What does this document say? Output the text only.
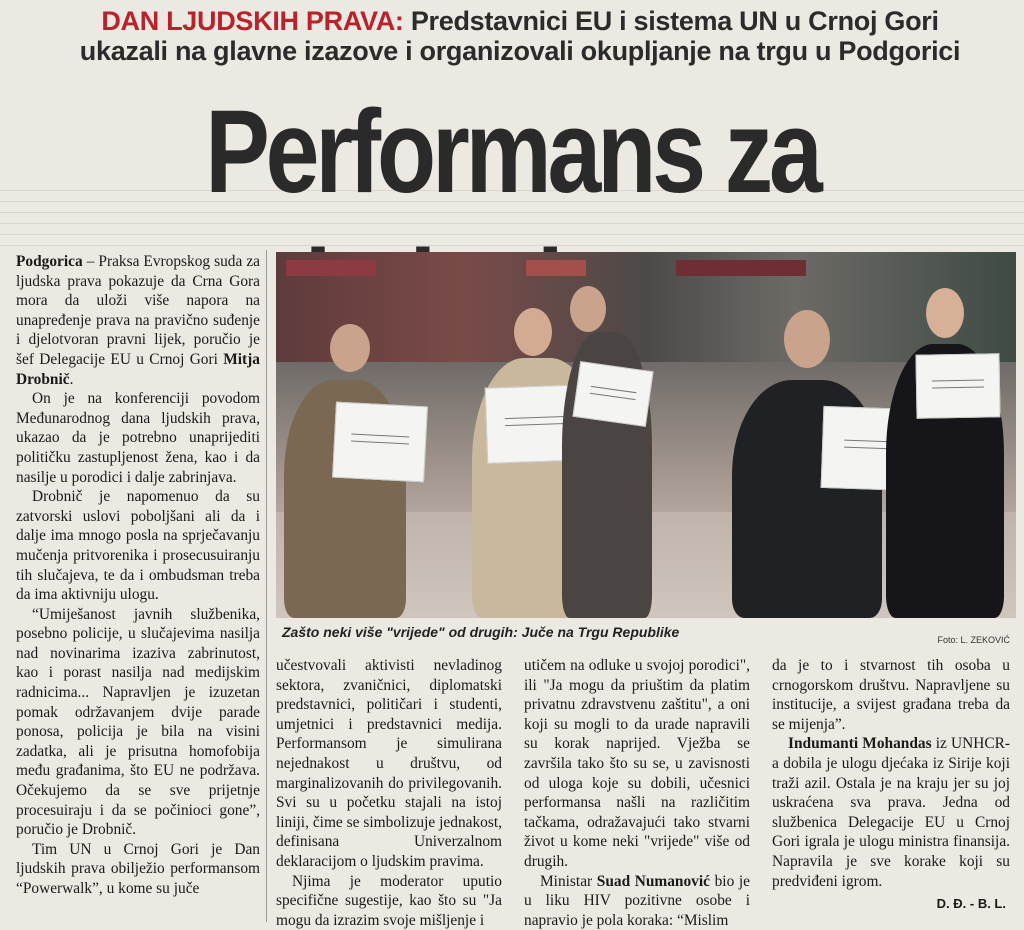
DAN LJUDSKIH PRAVA: Predstavnici EU i sistema UN u Crnoj Gori
ukazali na glavne izazove i organizovali okupljanje na trgu u Podgorici
Performans za

Podgorica – Praksa Evropskog suda za ljudska prava pokazuje da Crna Gora mora da uloži više napora na unapređenje prava na pravično suđenje i djelotvoran pravni lijek, poručio je šef Delegacije EU u Crnoj Gori Mitja Drobnič.

On je na konferenciji povodom Međunarodnog dana ljudskih prava, ukazao da je potrebno unaprijediti političku zastupljenost žena, kao i da nasilje u porodici i dalje zabrinjava.

Drobnič je napomenuo da su zatvorski uslovi poboljšani ali da i dalje ima mnogo posla na sprječavanju mučenja pritvorenika i prosecusuiranju tih slučajeva, te da i ombudsman treba da ima aktivniju ulogu.

“Umiješanost javnih službenika, posebno policije, u slučajevima nasilja nad novinarima izaziva zabrinutost, kao i porast nasilja nad medijskim radnicima... Napravljen je izuzetan pomak održavanjem dvije parade ponosa, policija je bila na visini zadatka, ali je prisutna homofobija među građanima, što EU ne podržava. Očekujemo da se sve prijetnje procesuiraju i da se počinioci gone”, poručio je Drobnič.

Tim UN u Crnoj Gori je Dan ljudskih prava obilježio performansom “Powerwalk”, u kome su juče

Zašto neki više "vrijede" od drugih: Juče na Trgu Republike	Foto: L. ZEKOVIĆ

učestvovali aktivisti nevladinog sektora, zvaničnici, diplomatski predstavnici, političari i studenti, umjetnici i predstavnici medija. Performansom je simulirana nejednakost u društvu, od marginalizovanih do privilegovanih. Svi su u početku stajali na istoj liniji, čime se simbolizuje jednakost, definisana Univerzalnom deklaracijom o ljudskim pravima.

Njima je moderator uputio specifične sugestije, kao što su "Ja mogu da izrazim svoje mišljenje i

utičem na odluke u svojoj porodici", ili "Ja mogu da priuštim da platim privatnu zdravstvenu zaštitu", a oni koji su mogli to da urade napravili su korak naprijed. Vježba se završila tako što su se, u zavisnosti od uloga koje su dobili, učesnici performansa našli na različitim tačkama, odražavajući tako stvarni život u kome neki "vrijede" više od drugih.

Ministar Suad Numanović bio je u liku HIV pozitivne osobe i napravio je pola koraka: “Mislim

da je to i stvarnost tih osoba u crnogorskom društvu. Napravljene su institucije, a svijest građana treba da se mijenja”.

Indumanti Mohandas iz UNHCR-a dobila je ulogu djećaka iz Sirije koji traži azil. Ostala je na kraju jer su joj uskraćena sva prava. Jedna od službenica Delegacije EU u Crnoj Gori igrala je ulogu ministra finansija. Napravila je sve korake koji su predviđeni igrom.

D. Đ. - B. L.
